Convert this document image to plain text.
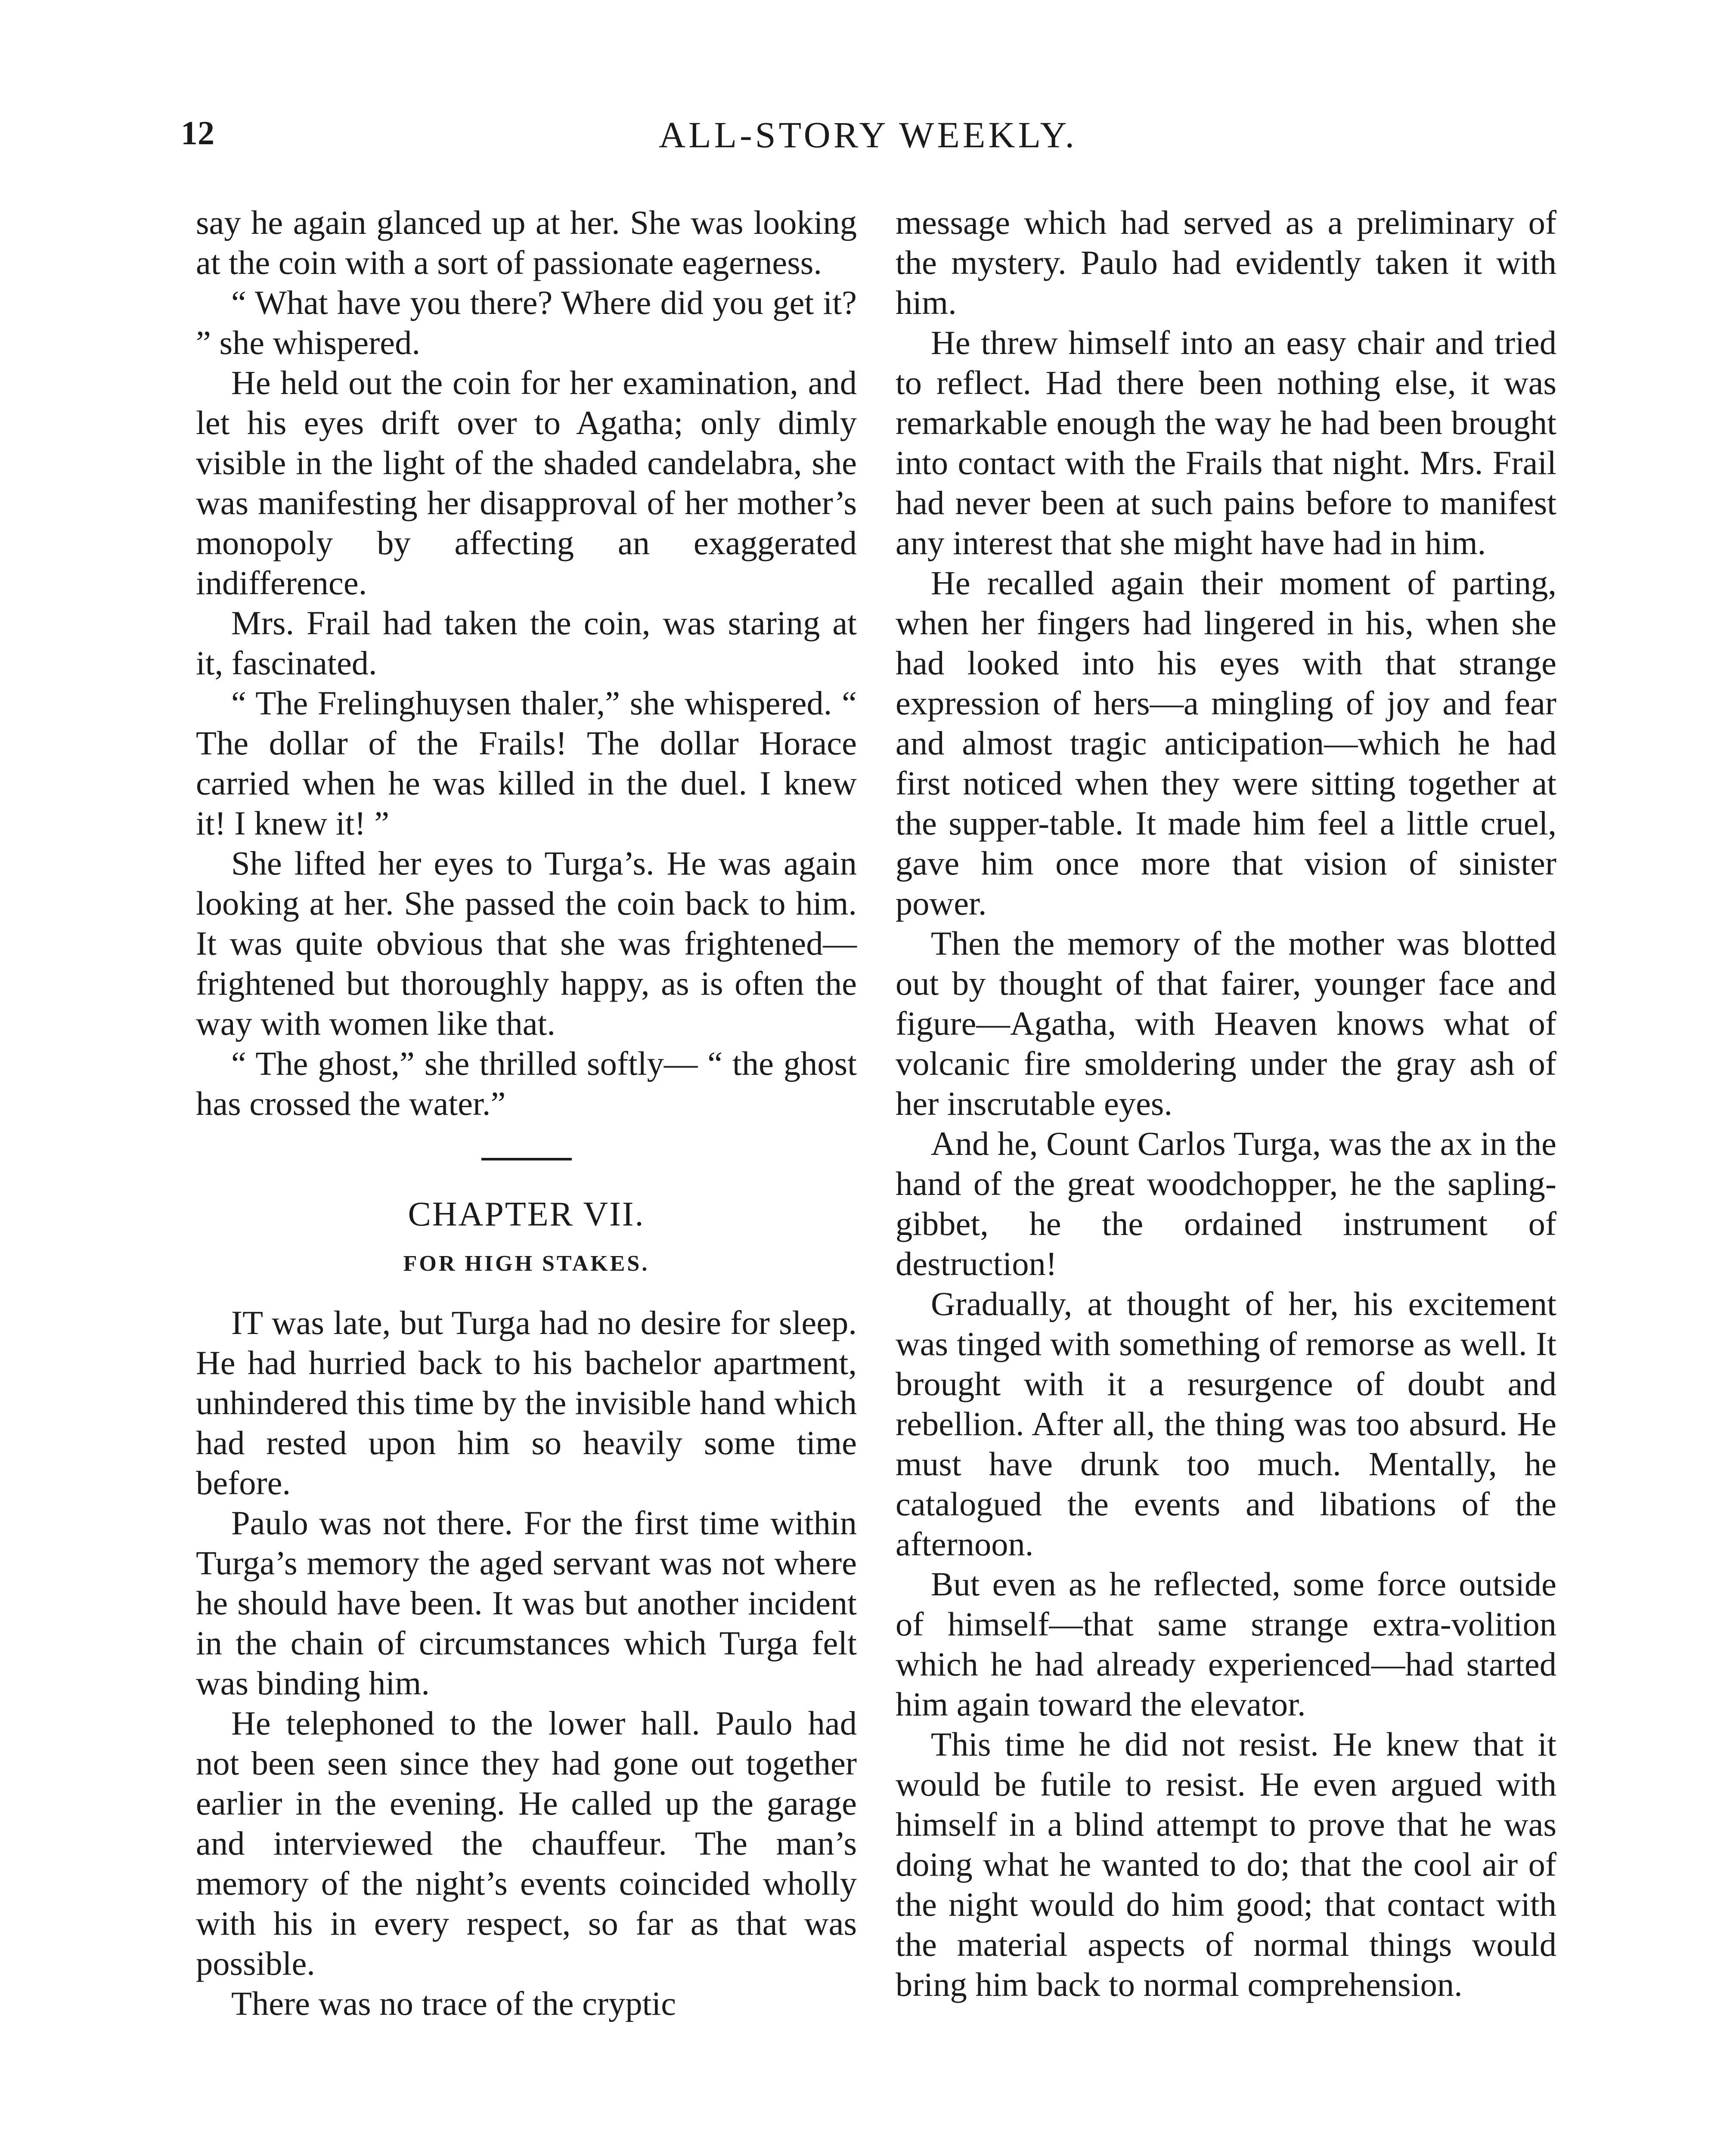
12	ALL-STORY WEEKLY.

say he again glanced up at her. She was looking at the coin with a sort of passionate eagerness.

“ What have you there? Where did you get it? ” she whispered.

He held out the coin for her examination, and let his eyes drift over to Agatha; only dimly visible in the light of the shaded candelabra, she was manifesting her disapproval of her mother’s monopoly by affecting an exaggerated indifference.

Mrs. Frail had taken the coin, was staring at it, fascinated.

“ The Frelinghuysen thaler,” she whispered. “ The dollar of the Frails! The dollar Horace carried when he was killed in the duel. I knew it! I knew it! ”

She lifted her eyes to Turga’s. He was again looking at her. She passed the coin back to him. It was quite obvious that she was frightened—frightened but thoroughly happy, as is often the way with women like that.

“ The ghost,” she thrilled softly— “ the ghost has crossed the water.”

CHAPTER VII.
FOR HIGH STAKES.

IT was late, but Turga had no desire for sleep. He had hurried back to his bachelor apartment, unhindered this time by the invisible hand which had rested upon him so heavily some time before.

Paulo was not there. For the first time within Turga’s memory the aged servant was not where he should have been. It was but another incident in the chain of circumstances which Turga felt was binding him.

He telephoned to the lower hall. Paulo had not been seen since they had gone out together earlier in the evening. He called up the garage and interviewed the chauffeur. The man’s memory of the night’s events coincided wholly with his in every respect, so far as that was possible.

There was no trace of the cryptic

message which had served as a preliminary of the mystery. Paulo had evidently taken it with him.

He threw himself into an easy chair and tried to reflect. Had there been nothing else, it was remarkable enough the way he had been brought into contact with the Frails that night. Mrs. Frail had never been at such pains before to manifest any interest that she might have had in him.

He recalled again their moment of parting, when her fingers had lingered in his, when she had looked into his eyes with that strange expression of hers—a mingling of joy and fear and almost tragic anticipation—which he had first noticed when they were sitting together at the supper-table. It made him feel a little cruel, gave him once more that vision of sinister power.

Then the memory of the mother was blotted out by thought of that fairer, younger face and figure—Agatha, with Heaven knows what of volcanic fire smoldering under the gray ash of her inscrutable eyes.

And he, Count Carlos Turga, was the ax in the hand of the great woodchopper, he the sapling-gibbet, he the ordained instrument of destruction!

Gradually, at thought of her, his excitement was tinged with something of remorse as well. It brought with it a resurgence of doubt and rebellion. After all, the thing was too absurd. He must have drunk too much. Mentally, he catalogued the events and libations of the afternoon.

But even as he reflected, some force outside of himself—that same strange extra-volition which he had already experienced—had started him again toward the elevator.

This time he did not resist. He knew that it would be futile to resist. He even argued with himself in a blind attempt to prove that he was doing what he wanted to do; that the cool air of the night would do him good; that contact with the material aspects of normal things would bring him back to normal comprehension.
